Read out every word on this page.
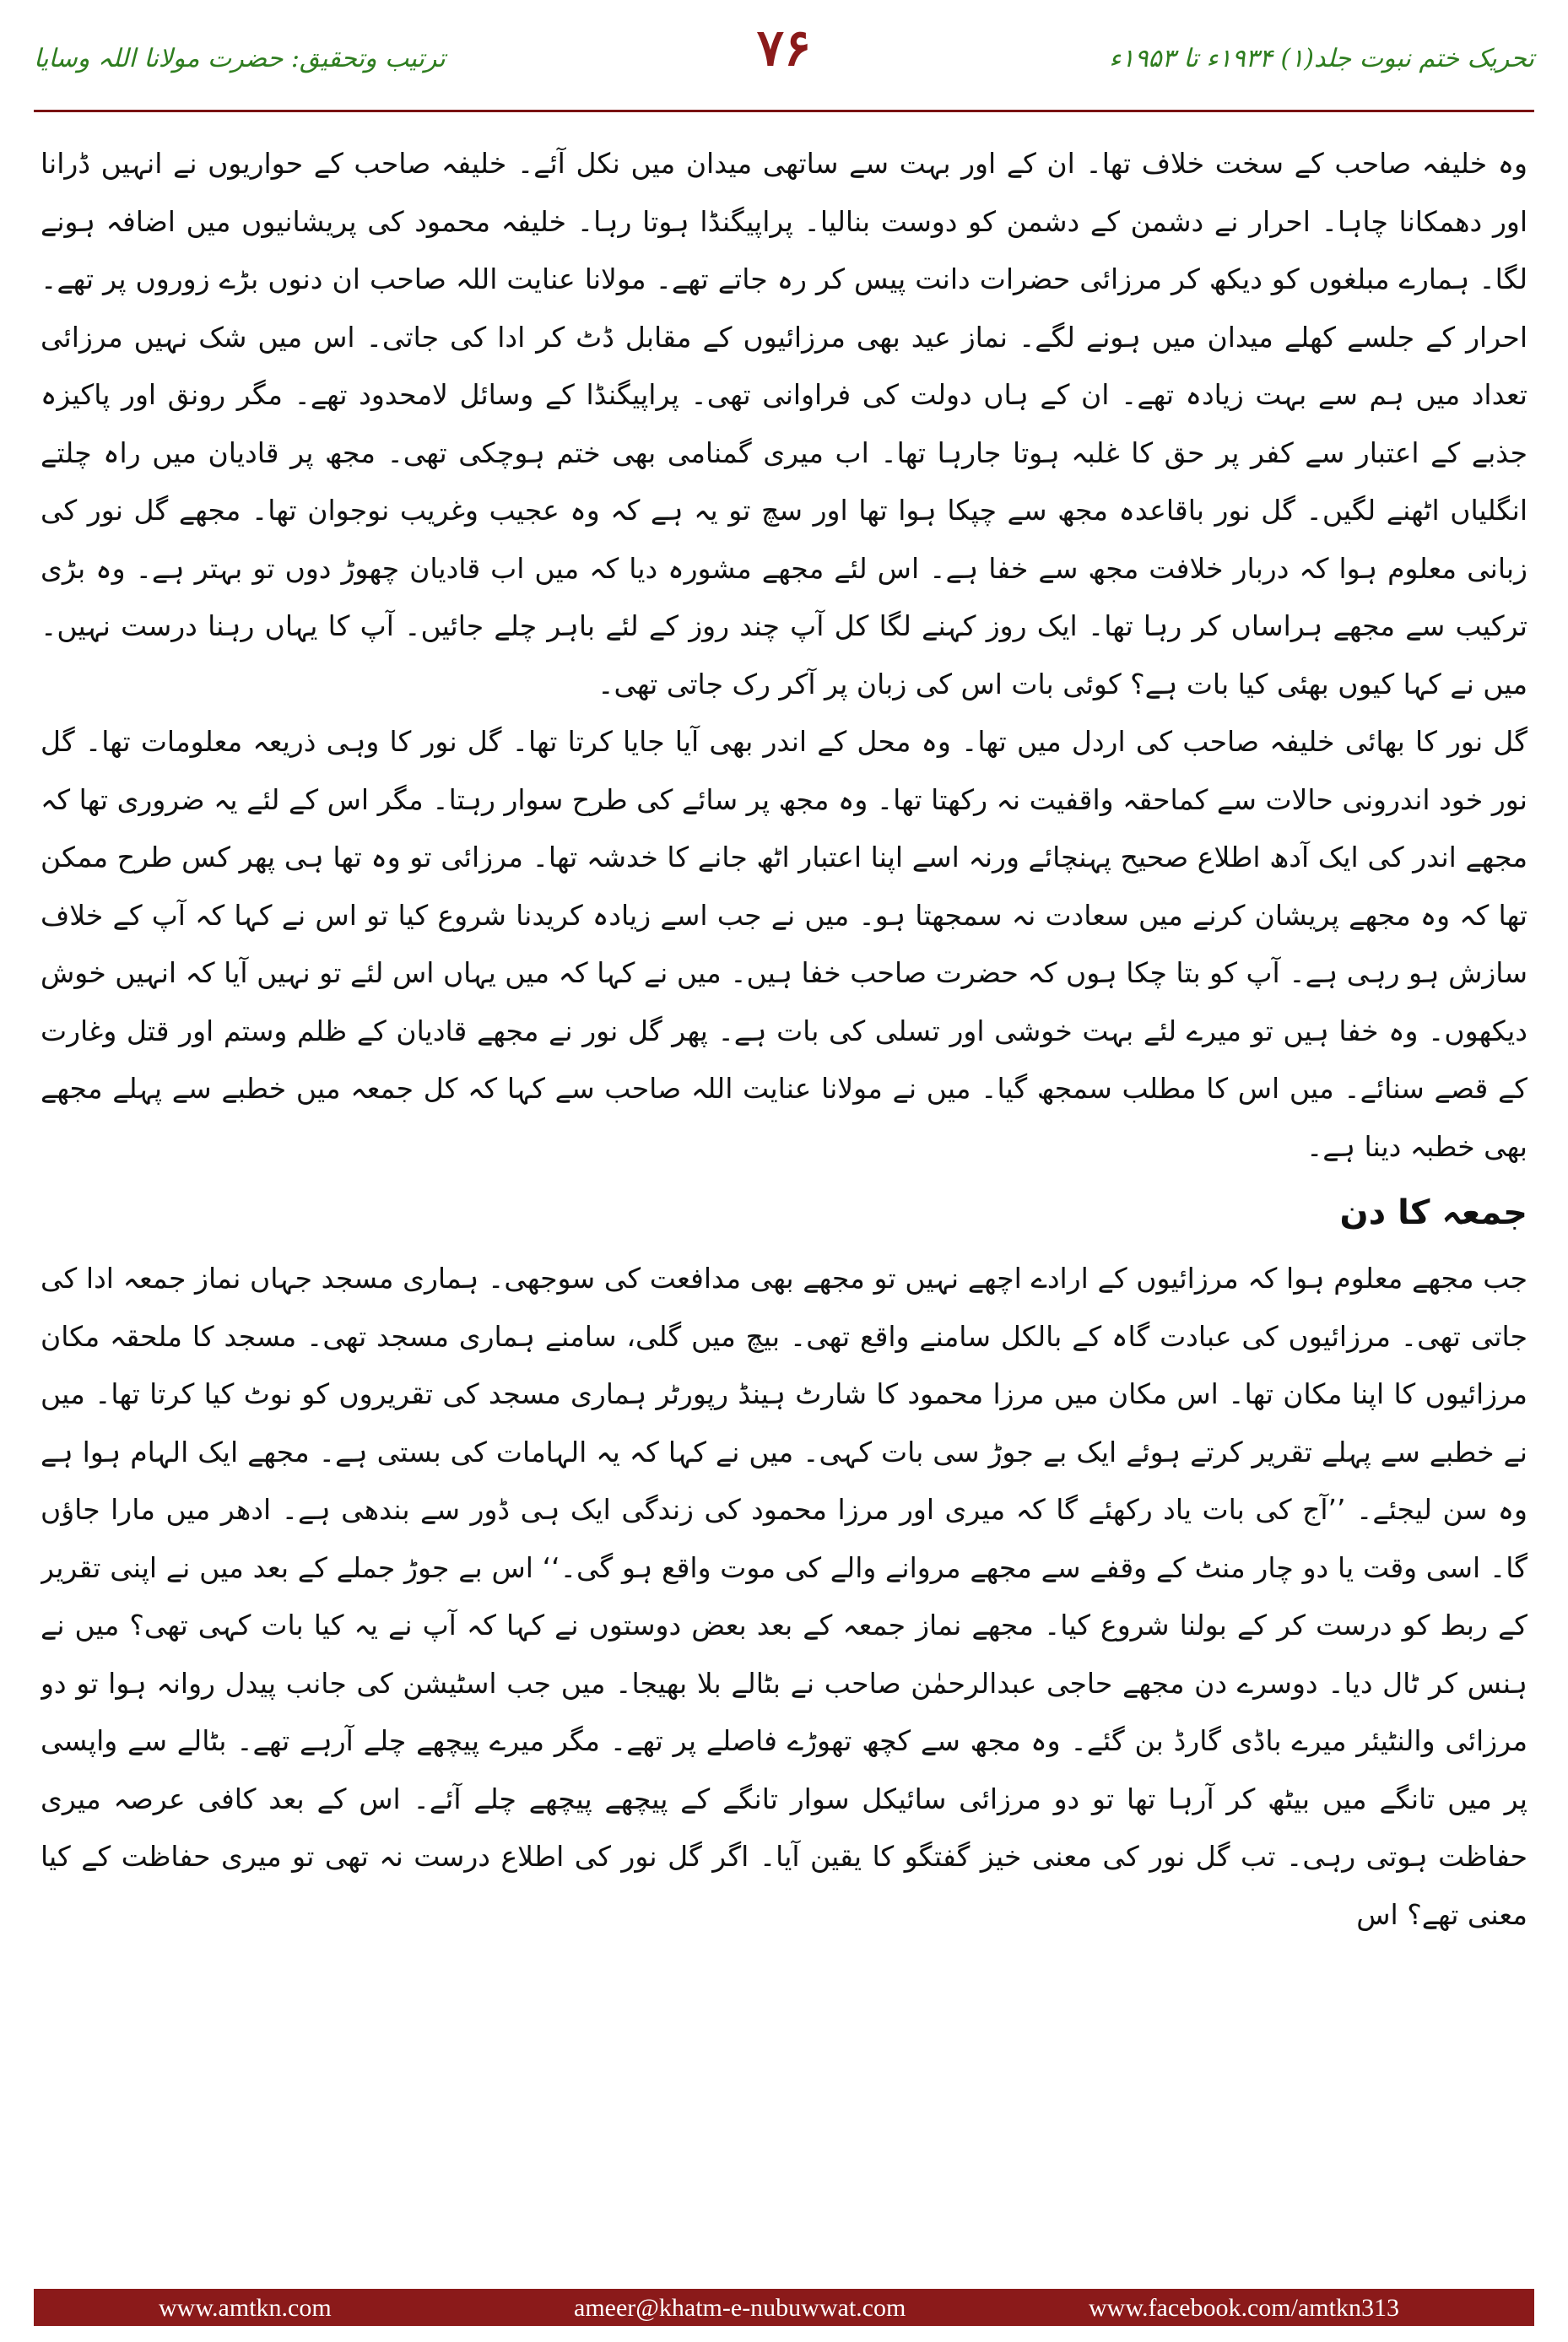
تحریک ختم نبوت جلد(۱) ۱۹۳۴ء تا ۱۹۵۳ء
۷۶
ترتیب وتحقیق: حضرت مولانا اللہ وسایا

وہ خلیفہ صاحب کے سخت خلاف تھا۔ ان کے اور بہت سے ساتھی میدان میں نکل آئے۔ خلیفہ صاحب کے حواریوں نے انہیں ڈرانا اور دھمکانا چاہا۔ احرار نے دشمن کے دشمن کو دوست بنالیا۔ پراپیگنڈا ہوتا رہا۔ خلیفہ محمود کی پریشانیوں میں اضافہ ہونے لگا۔ ہمارے مبلغوں کو دیکھ کر مرزائی حضرات دانت پیس کر رہ جاتے تھے۔ مولانا عنایت اللہ صاحب ان دنوں بڑے زوروں پر تھے۔ احرار کے جلسے کھلے میدان میں ہونے لگے۔ نماز عید بھی مرزائیوں کے مقابل ڈٹ کر ادا کی جاتی۔ اس میں شک نہیں مرزائی تعداد میں ہم سے بہت زیادہ تھے۔ ان کے ہاں دولت کی فراوانی تھی۔ پراپیگنڈا کے وسائل لامحدود تھے۔ مگر رونق اور پاکیزہ جذبے کے اعتبار سے کفر پر حق کا غلبہ ہوتا جارہا تھا۔ اب میری گمنامی بھی ختم ہوچکی تھی۔ مجھ پر قادیان میں راہ چلتے انگلیاں اٹھنے لگیں۔ گل نور باقاعدہ مجھ سے چپکا ہوا تھا اور سچ تو یہ ہے کہ وہ عجیب وغریب نوجوان تھا۔ مجھے گل نور کی زبانی معلوم ہوا کہ دربار خلافت مجھ سے خفا ہے۔ اس لئے مجھے مشورہ دیا کہ میں اب قادیان چھوڑ دوں تو بہتر ہے۔ وہ بڑی ترکیب سے مجھے ہراساں کر رہا تھا۔ ایک روز کہنے لگا کل آپ چند روز کے لئے باہر چلے جائیں۔ آپ کا یہاں رہنا درست نہیں۔ میں نے کہا کیوں بھئی کیا بات ہے؟ کوئی بات اس کی زبان پر آکر رک جاتی تھی۔

گل نور کا بھائی خلیفہ صاحب کی اردل میں تھا۔ وہ محل کے اندر بھی آیا جایا کرتا تھا۔ گل نور کا وہی ذریعہ معلومات تھا۔ گل نور خود اندرونی حالات سے کماحقہ واقفیت نہ رکھتا تھا۔ وہ مجھ پر سائے کی طرح سوار رہتا۔ مگر اس کے لئے یہ ضروری تھا کہ مجھے اندر کی ایک آدھ اطلاع صحیح پہنچائے ورنہ اسے اپنا اعتبار اٹھ جانے کا خدشہ تھا۔ مرزائی تو وہ تھا ہی پھر کس طرح ممکن تھا کہ وہ مجھے پریشان کرنے میں سعادت نہ سمجھتا ہو۔ میں نے جب اسے زیادہ کریدنا شروع کیا تو اس نے کہا کہ آپ کے خلاف سازش ہو رہی ہے۔ آپ کو بتا چکا ہوں کہ حضرت صاحب خفا ہیں۔ میں نے کہا کہ میں یہاں اس لئے تو نہیں آیا کہ انہیں خوش دیکھوں۔ وہ خفا ہیں تو میرے لئے بہت خوشی اور تسلی کی بات ہے۔ پھر گل نور نے مجھے قادیان کے ظلم وستم اور قتل وغارت کے قصے سنائے۔ میں اس کا مطلب سمجھ گیا۔ میں نے مولانا عنایت اللہ صاحب سے کہا کہ کل جمعہ میں خطبے سے پہلے مجھے بھی خطبہ دینا ہے۔

جمعہ کا دن

جب مجھے معلوم ہوا کہ مرزائیوں کے ارادے اچھے نہیں تو مجھے بھی مدافعت کی سوجھی۔ ہماری مسجد جہاں نماز جمعہ ادا کی جاتی تھی۔ مرزائیوں کی عبادت گاہ کے بالکل سامنے واقع تھی۔ بیچ میں گلی، سامنے ہماری مسجد تھی۔ مسجد کا ملحقہ مکان مرزائیوں کا اپنا مکان تھا۔ اس مکان میں مرزا محمود کا شارٹ ہینڈ رپورٹر ہماری مسجد کی تقریروں کو نوٹ کیا کرتا تھا۔ میں نے خطبے سے پہلے تقریر کرتے ہوئے ایک بے جوڑ سی بات کہی۔ میں نے کہا کہ یہ الہامات کی بستی ہے۔ مجھے ایک الہام ہوا ہے وہ سن لیجئے۔ ’’آج کی بات یاد رکھئے گا کہ میری اور مرزا محمود کی زندگی ایک ہی ڈور سے بندھی ہے۔ ادھر میں مارا جاؤں گا۔ اسی وقت یا دو چار منٹ کے وقفے سے مجھے مروانے والے کی موت واقع ہو گی۔‘‘ اس بے جوڑ جملے کے بعد میں نے اپنی تقریر کے ربط کو درست کر کے بولنا شروع کیا۔ مجھے نماز جمعہ کے بعد بعض دوستوں نے کہا کہ آپ نے یہ کیا بات کہی تھی؟ میں نے ہنس کر ٹال دیا۔ دوسرے دن مجھے حاجی عبدالرحمٰن صاحب نے بٹالے بلا بھیجا۔ میں جب اسٹیشن کی جانب پیدل روانہ ہوا تو دو مرزائی والنٹیئر میرے باڈی گارڈ بن گئے۔ وہ مجھ سے کچھ تھوڑے فاصلے پر تھے۔ مگر میرے پیچھے چلے آرہے تھے۔ بٹالے سے واپسی پر میں تانگے میں بیٹھ کر آرہا تھا تو دو مرزائی سائیکل سوار تانگے کے پیچھے پیچھے چلے آئے۔ اس کے بعد کافی عرصہ میری حفاظت ہوتی رہی۔ تب گل نور کی معنی خیز گفتگو کا یقین آیا۔ اگر گل نور کی اطلاع درست نہ تھی تو میری حفاظت کے کیا معنی تھے؟ اس

www.amtkn.com	ameer@khatm-e-nubuwwat.com	www.facebook.com/amtkn313
